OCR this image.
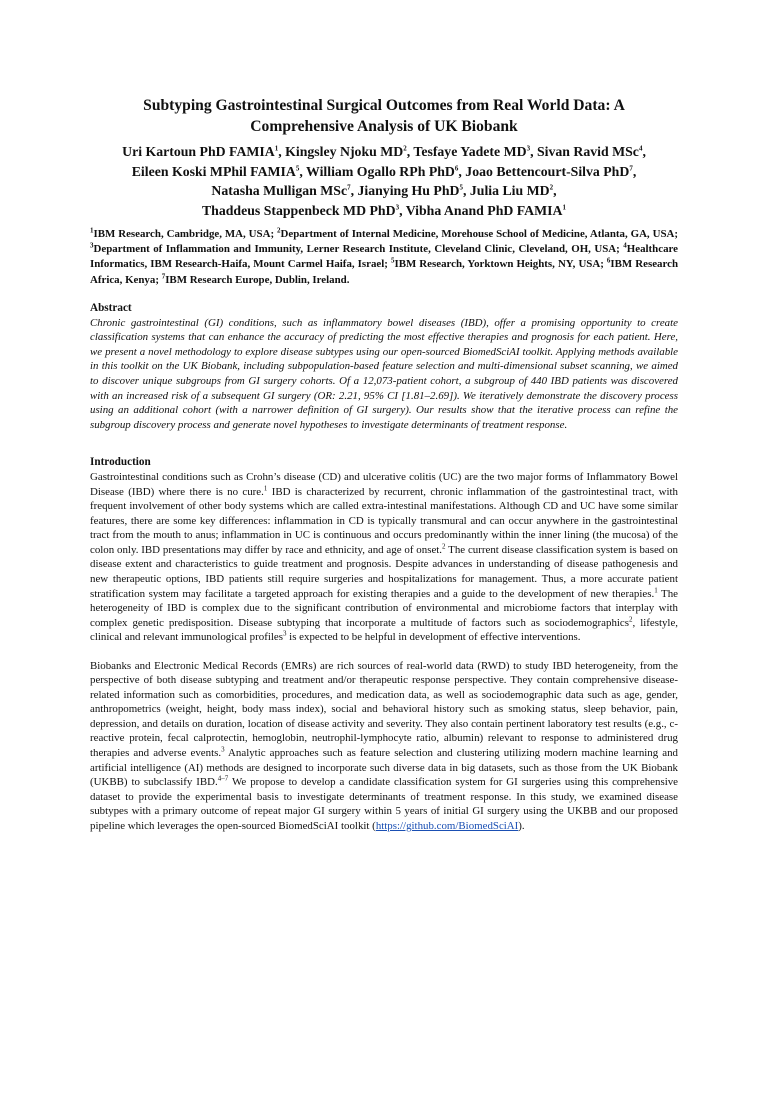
Subtyping Gastrointestinal Surgical Outcomes from Real World Data: A Comprehensive Analysis of UK Biobank
Uri Kartoun PhD FAMIA$^1$, Kingsley Njoku $MD^2$, Tesfaye Yadete $MD^3$, Sivan Ravid MSc$^4$,
Eileen Koski MPhil FAMIA$^5$, William Ogallo RPh PhD$^6$, Joao Bettencourt-Silva PhD$^7$,
Natasha Mulligan MSc$^7$, Jianying Hu PhD$^5$, Julia Liu $MD^2$,
Thaddeus Stappenbeck MD PhD$^3$, Vibha Anand PhD FAMIA$^1$
$^1$IBM Research, Cambridge, MA, USA; $^2$Department of Internal Medicine, Morehouse School of Medicine, Atlanta, GA, USA; $^3$Department of Inflammation and Immunity, Lerner Research Institute, Cleveland Clinic, Cleveland, OH, USA; $^4$Healthcare Informatics, IBM Research-Haifa, Mount Carmel Haifa, Israel; $^5$IBM Research, Yorktown Heights, NY, USA; $^6$IBM Research Africa, Kenya; $^7$IBM Research Europe, Dublin, Ireland.
Abstract

Chronic gastrointestinal (GI) conditions, such as inflammatory bowel diseases (IBD), offer a promising opportunity to create classification systems that can enhance the accuracy of predicting the most effective therapies and prognosis for each patient. Here, we present a novel methodology to explore disease subtypes using our open-sourced BiomedSciAI toolkit. Applying methods available in this toolkit on the UK Biobank, including subpopulation-based feature selection and multi-dimensional subset scanning, we aimed to discover unique subgroups from GI surgery cohorts. Of a 12,073-patient cohort, a subgroup of 440 IBD patients was discovered with an increased risk of a subsequent GI surgery (OR: 2.21, 95% CI [1.81–2.69]). We iteratively demonstrate the discovery process using an additional cohort (with a narrower definition of GI surgery). Our results show that the iterative process can refine the subgroup discovery process and generate novel hypotheses to investigate determinants of treatment response.

Introduction

Gastrointestinal conditions such as Crohn’s disease (CD) and ulcerative colitis (UC) are the two major forms of Inflammatory Bowel Disease (IBD) where there is no cure.$^1$ IBD is characterized by recurrent, chronic inflammation of the gastrointestinal tract, with frequent involvement of other body systems which are called extra-intestinal manifestations. Although CD and UC have some similar features, there are some key differences: inflammation in CD is typically transmural and can occur anywhere in the gastrointestinal tract from the mouth to anus; inflammation in UC is continuous and occurs predominantly within the inner lining (the mucosa) of the colon only. IBD presentations may differ by race and ethnicity, and age of onset.$^2$ The current disease classification system is based on disease extent and characteristics to guide treatment and prognosis. Despite advances in understanding of disease pathogenesis and new therapeutic options, IBD patients still require surgeries and hospitalizations for management. Thus, a more accurate patient stratification system may facilitate a targeted approach for existing therapies and a guide to the development of new therapies.$^1$ The heterogeneity of IBD is complex due to the significant contribution of environmental and microbiome factors that interplay with complex genetic predisposition. Disease subtyping that incorporate a multitude of factors such as sociodemographics$^2$, lifestyle, clinical and relevant immunological profiles$^3$ is expected to be helpful in development of effective interventions.

Biobanks and Electronic Medical Records (EMRs) are rich sources of real-world data (RWD) to study IBD heterogeneity, from the perspective of both disease subtyping and treatment and/or therapeutic response perspective. They contain comprehensive disease-related information such as comorbidities, procedures, and medication data, as well as sociodemographic data such as age, gender, anthropometrics (weight, height, body mass index), social and behavioral history such as smoking status, sleep behavior, pain, depression, and details on duration, location of disease activity and severity. They also contain pertinent laboratory test results (e.g., c-reactive protein, fecal calprotectin, hemoglobin, neutrophil-lymphocyte ratio, albumin) relevant to response to administered drug therapies and adverse events.$^3$ Analytic approaches such as feature selection and clustering utilizing modern machine learning and artificial intelligence (AI) methods are designed to incorporate such diverse data in big datasets, such as those from the UK Biobank (UKBB) to subclassify IBD.$^{4-7}$ We propose to develop a candidate classification system for GI surgeries using this comprehensive dataset to provide the experimental basis to investigate determinants of treatment response. In this study, we examined disease subtypes with a primary outcome of repeat major GI surgery within 5 years of initial GI surgery using the UKBB and our proposed pipeline which leverages the open-sourced BiomedSciAI toolkit (https://github.com/BiomedSciAI).
